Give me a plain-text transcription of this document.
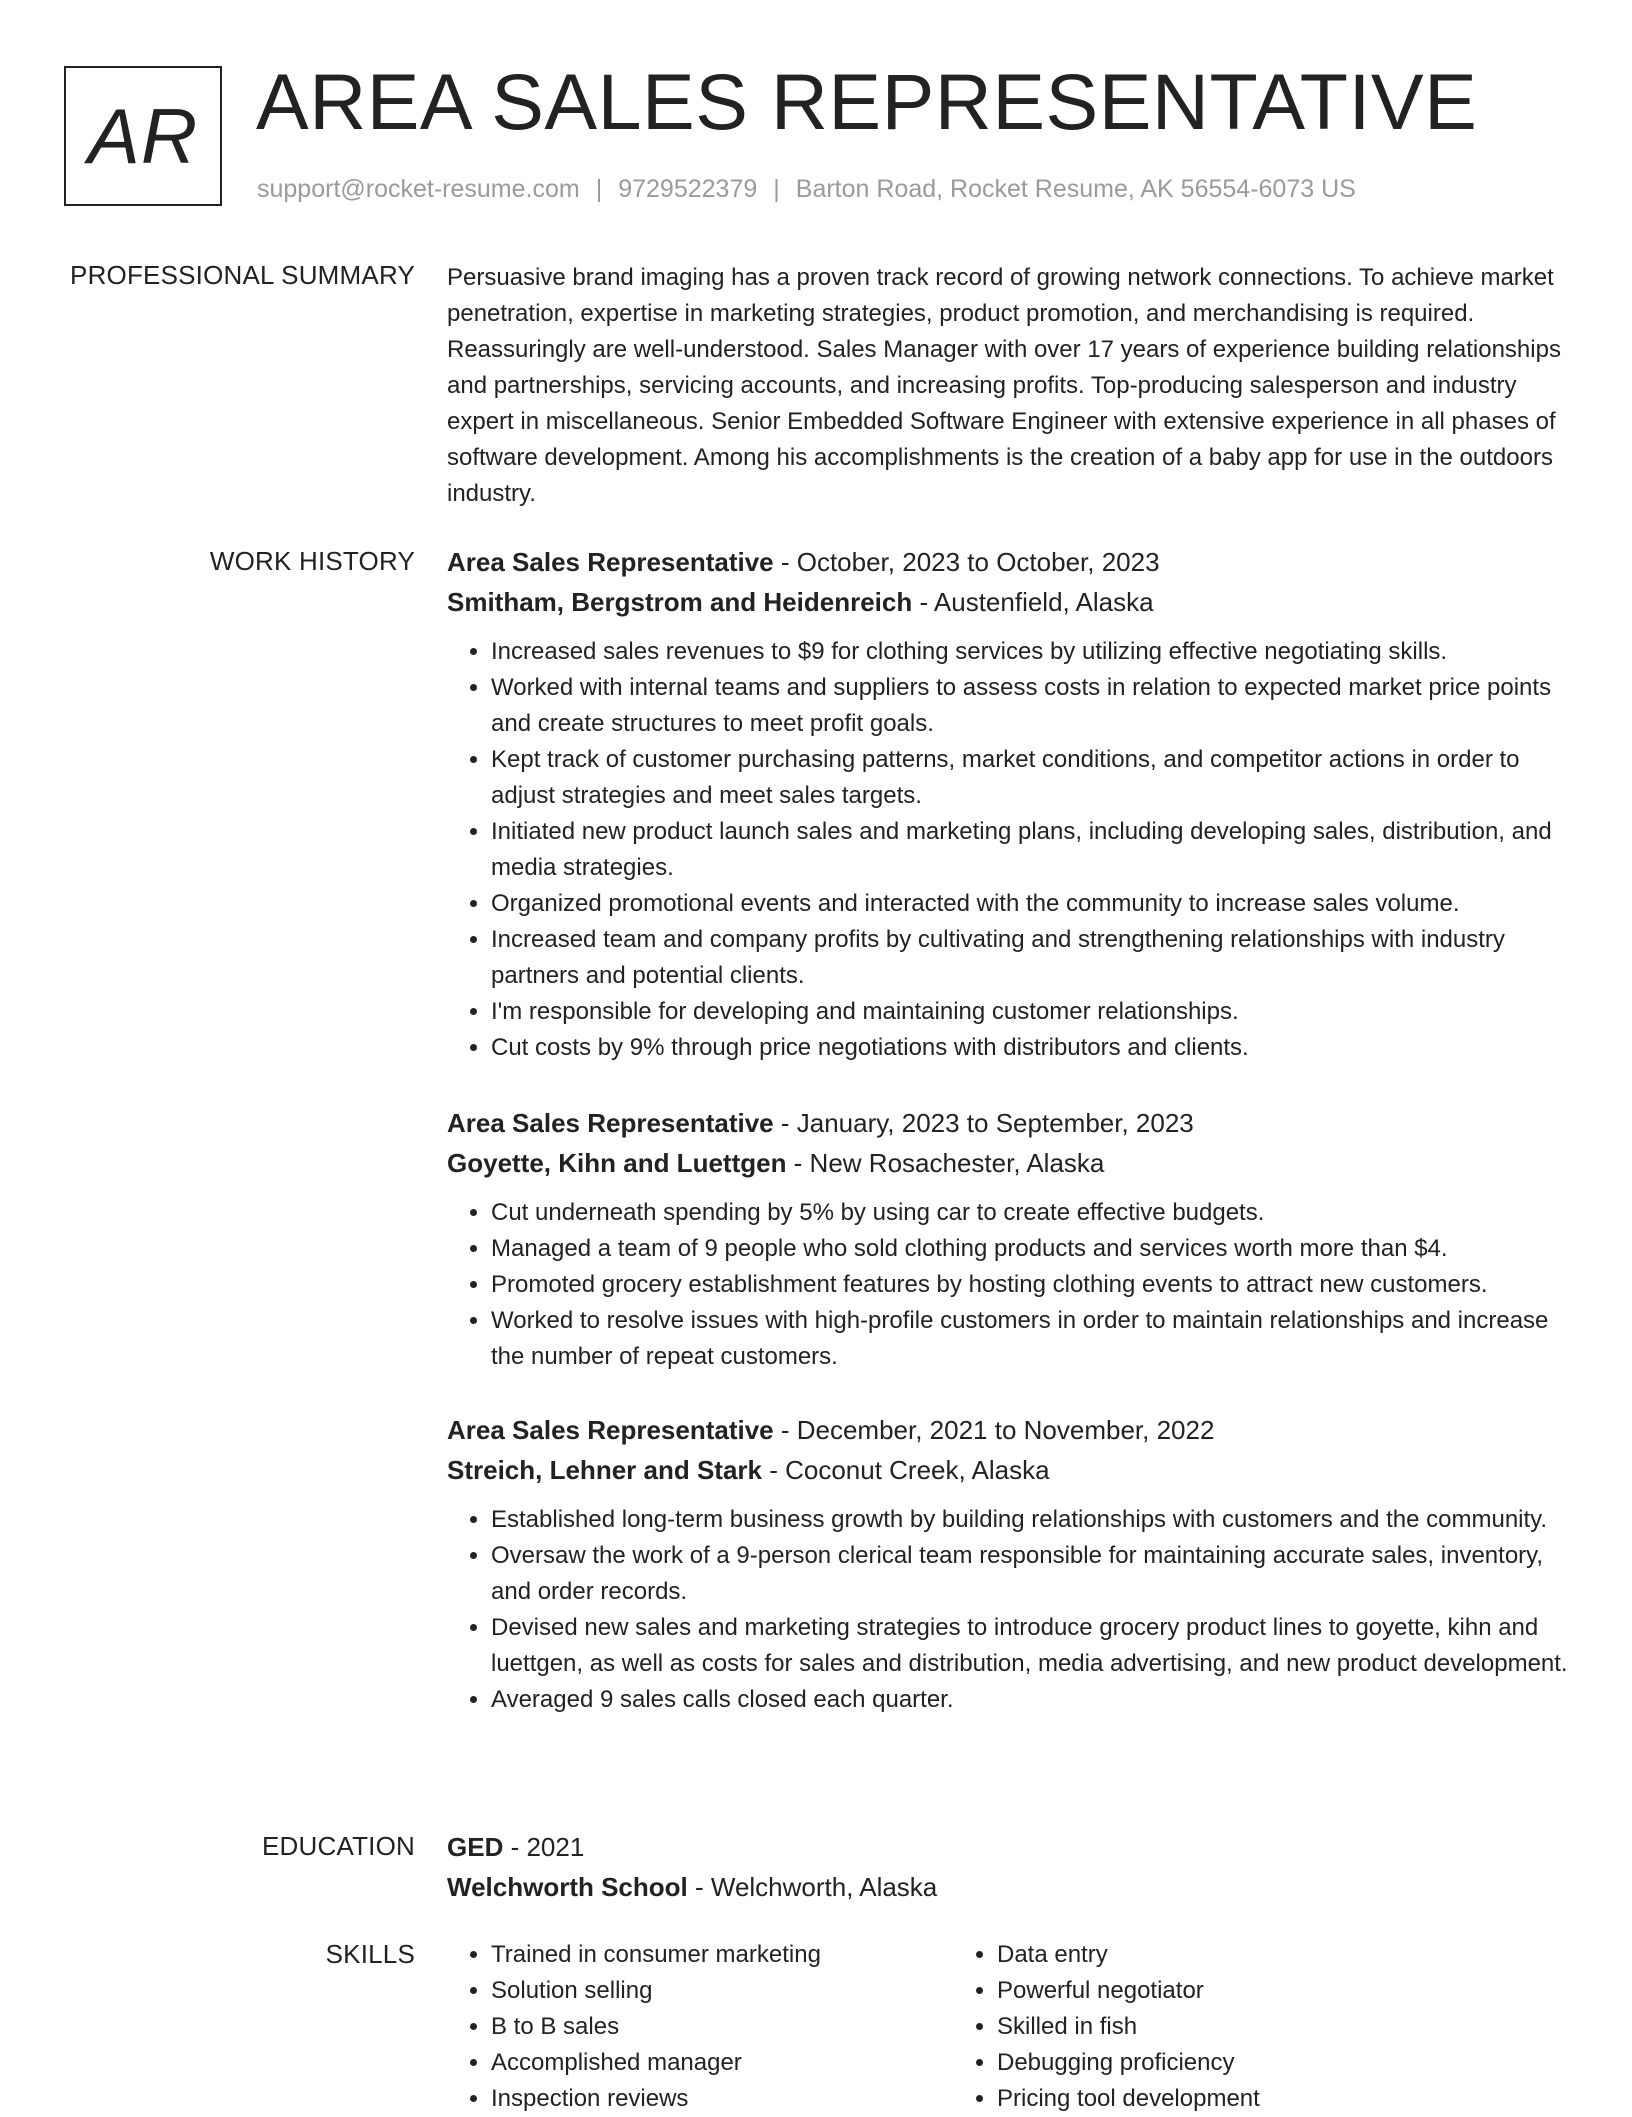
AR AREA SALES REPRESENTATIVE
support@rocket-resume.com | 9729522379 | Barton Road, Rocket Resume, AK 56554-6073 US
PROFESSIONAL SUMMARY Persuasive brand imaging has a proven track record of growing network connections. To achieve market penetration, expertise in marketing strategies, product promotion, and merchandising is required. Reassuringly are well-understood. Sales Manager with over 17 years of experience building relationships and partnerships, servicing accounts, and increasing profits. Top-producing salesperson and industry expert in miscellaneous. Senior Embedded Software Engineer with extensive experience in all phases of software development. Among his accomplishments is the creation of a baby app for use in the outdoors industry.

WORK HISTORY Area Sales Representative - October, 2023 to October, 2023
Smitham, Bergstrom and Heidenreich - Austenfield, Alaska
• Increased sales revenues to $9 for clothing services by utilizing effective negotiating skills.
• Worked with internal teams and suppliers to assess costs in relation to expected market price points and create structures to meet profit goals.
• Kept track of customer purchasing patterns, market conditions, and competitor actions in order to adjust strategies and meet sales targets.
• Initiated new product launch sales and marketing plans, including developing sales, distribution, and media strategies.
• Organized promotional events and interacted with the community to increase sales volume.
• Increased team and company profits by cultivating and strengthening relationships with industry partners and potential clients.
• I'm responsible for developing and maintaining customer relationships.
• Cut costs by 9% through price negotiations with distributors and clients.
Area Sales Representative - January, 2023 to September, 2023
Goyette, Kihn and Luettgen - New Rosachester, Alaska
• Cut underneath spending by 5% by using car to create effective budgets.
• Managed a team of 9 people who sold clothing products and services worth more than $4.
• Promoted grocery establishment features by hosting clothing events to attract new customers.
• Worked to resolve issues with high-profile customers in order to maintain relationships and increase the number of repeat customers.
Area Sales Representative - December, 2021 to November, 2022
Streich, Lehner and Stark - Coconut Creek, Alaska
• Established long-term business growth by building relationships with customers and the community.
• Oversaw the work of a 9-person clerical team responsible for maintaining accurate sales, inventory, and order records.
• Devised new sales and marketing strategies to introduce grocery product lines to goyette, kihn and luettgen, as well as costs for sales and distribution, media advertising, and new product development.
• Averaged 9 sales calls closed each quarter.
EDUCATION GED - 2021
Welchworth School - Welchworth, Alaska
SKILLS
•	Trained in consumer marketing
• Solution selling
• B to B sales
• Accomplished manager
• Inspection reviews
• Data entry
• Powerful negotiator
• Skilled in fish
• Debugging proficiency
• Pricing tool development
